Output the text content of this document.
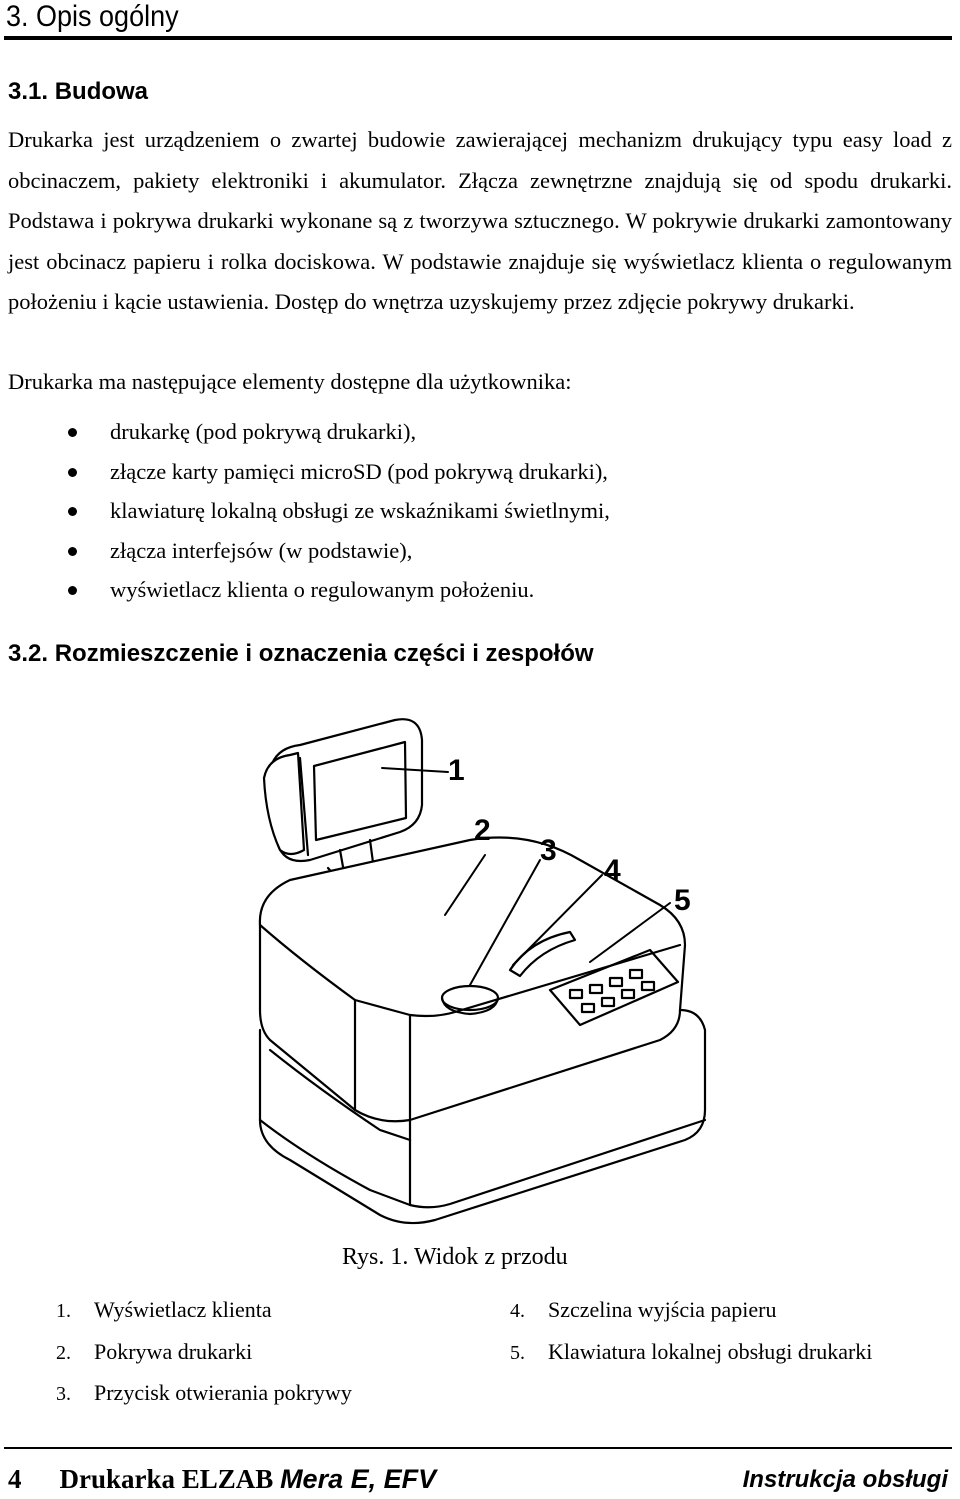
3. Opis ogólny
3.1. Budowa
Drukarka jest urządzeniem o zwartej budowie zawierającej mechanizm drukujący typu easy load z obcinaczem, pakiety elektroniki i akumulator. Złącza zewnętrzne znajdują się od spodu drukarki. Podstawa i pokrywa drukarki wykonane są z tworzywa sztucznego. W pokrywie drukarki zamontowany jest obcinacz papieru i rolka dociskowa. W podstawie znajduje się wyświetlacz klienta o regulowanym położeniu i kącie ustawienia. Dostęp do wnętrza uzyskujemy przez zdjęcie pokrywy drukarki.
Drukarka ma następujące elementy dostępne dla użytkownika:
drukarkę (pod pokrywą drukarki),
złącze karty pamięci microSD (pod pokrywą drukarki),
klawiaturę lokalną obsługi ze wskaźnikami świetlnymi,
złącza interfejsów (w podstawie),
wyświetlacz klienta o regulowanym położeniu.
3.2. Rozmieszczenie i oznaczenia części i zespołów
1
2
3
4
5
Rys. 1. Widok z przodu
1. Wyświetlacz klienta
2. Pokrywa drukarki
3. Przycisk otwierania pokrywy
4. Szczelina wyjścia papieru
5. Klawiatura lokalnej obsługi drukarki
4 Drukarka ELZAB Mera E, EFV	Instrukcja obsługi
